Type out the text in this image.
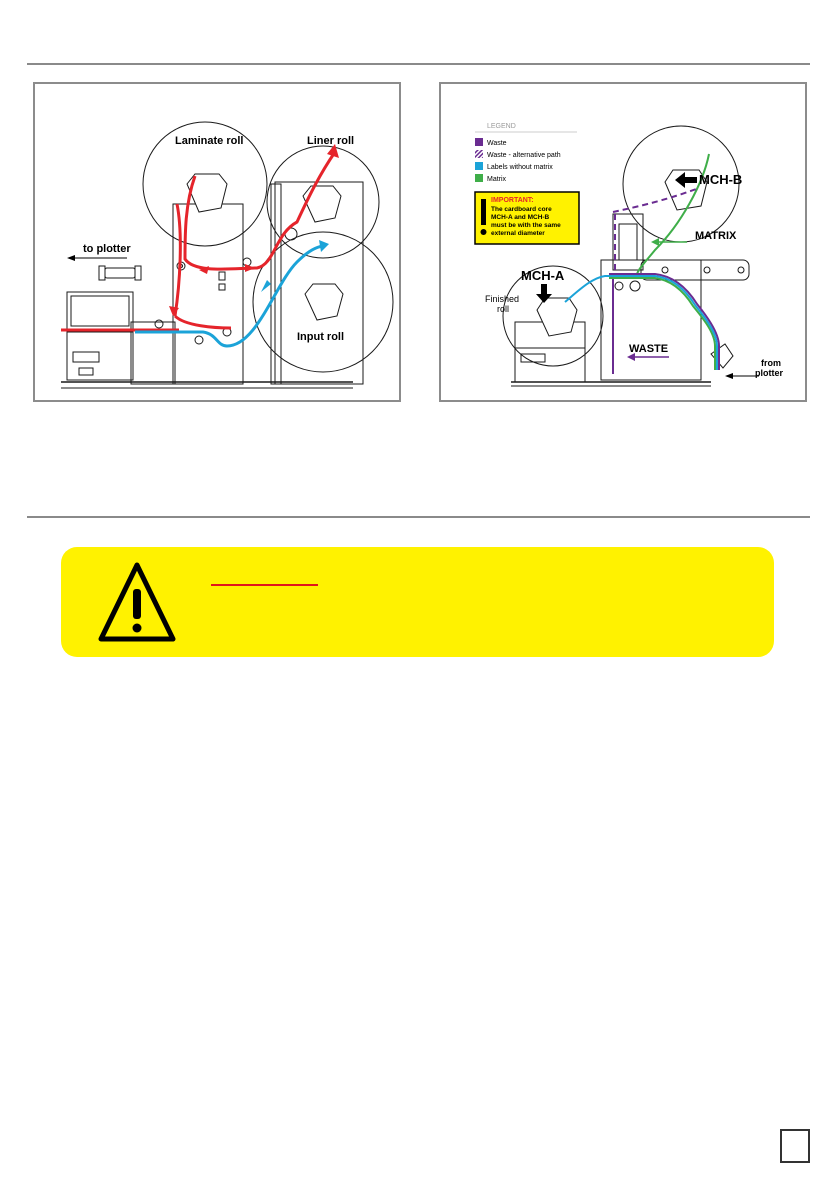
to plotter
Laminate roll	Liner roll
Input roll
LEGEND
Waste
Waste - alternative path
Labels without matrix
Matrix
IMPORTANT:
The cardboard core
MCH-A and MCH-B
must be with the same
external diameter
MCH-B
MATRIX
MCH-A
Finished
roll
WASTE
from
plotter
